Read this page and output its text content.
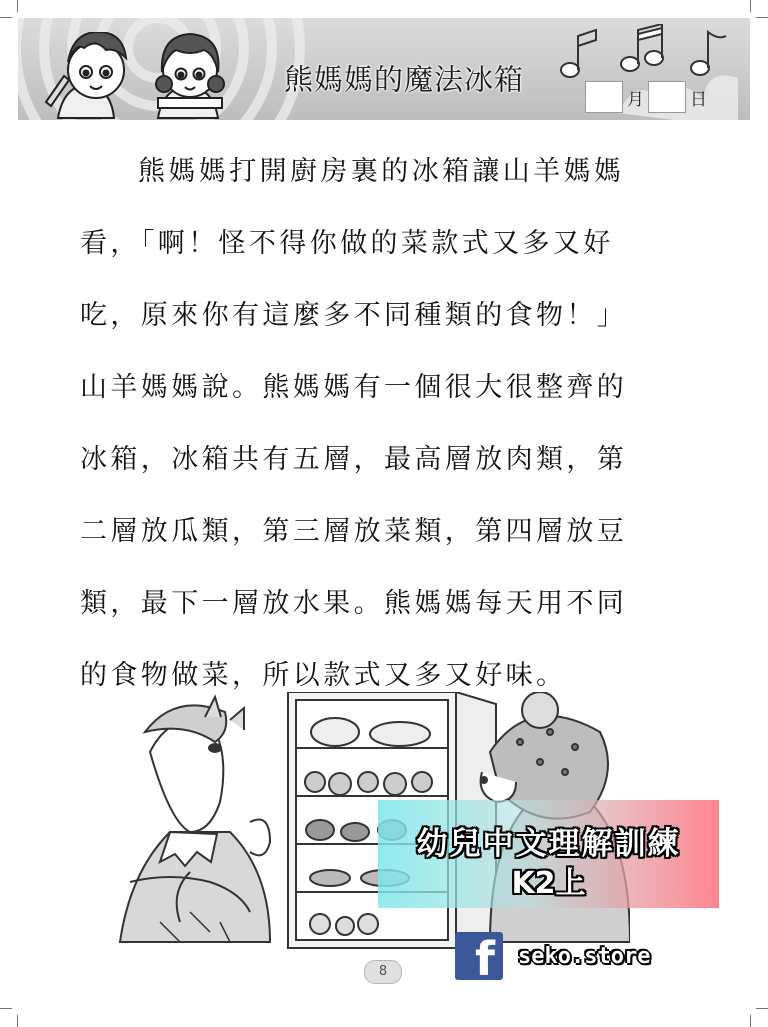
熊媽媽的魔法冰箱
月	日
熊媽媽打開廚房裏的冰箱讓山羊媽媽
看，「啊！怪不得你做的菜款式又多又好
吃，原來你有這麼多不同種類的食物！」
山羊媽媽說。熊媽媽有一個很大很整齊的
冰箱，冰箱共有五層，最高層放肉類，第
二層放瓜類，第三層放菜類，第四層放豆
類，最下一層放水果。熊媽媽每天用不同
的食物做菜，所以款式又多又好味。
幼兒中文理解訓練
K2上
f seko.store
8
